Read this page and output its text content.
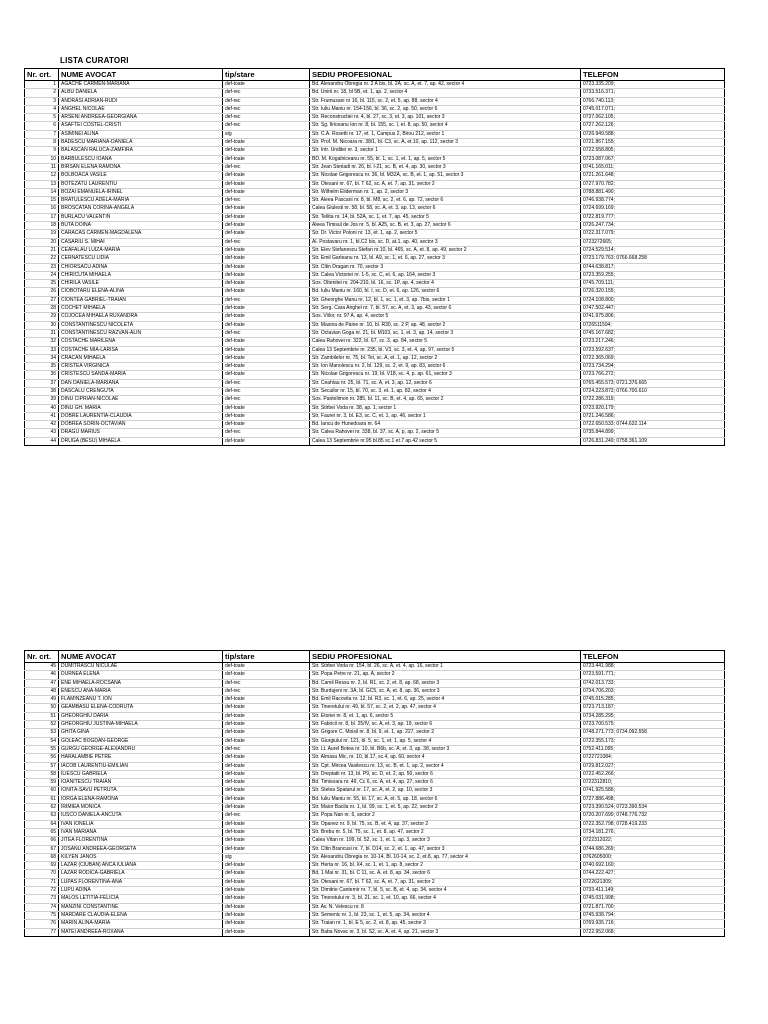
LISTA CURATORI
Nr. crt.	NUME AVOCAT	tip/stare	SEDIU PROFESIONAL	TELEFON
1	AGACHE CARMEN-MARIANA	def-toate	Bd. Alexandru Obregia nr. 2 A bis, bl. 2A, sc. A, et. 7, ap. 42, sector 4	0723.335.209;
2	ALBU DANIELA	def-rec	Bd. Unirii nr. 18, bl 5B, et. 1, ap. 2, sector 4	0733.516.371;
3	ANDRASI ADRIAN-RUDI	def-rec	Str. Frumusani nr 16, bl. 115, sc. 2, et. 5, ap. 88, sector 4	0766.740.113;
4	ANGHEL NICOLAE	def-rec	Str. Iuliu Maniu nr. 154-156, bl. 36, sc. 2, ap. 50, sector 6	0745.017.071;
5	ARSENI ANDREEA-GEORGIANA	def-rec	Str. Reconstructiei nr. 4, bl. 27, sc. 3, et. 3, ap. 101, sector 3	0737.062.105;
6	ASAFTEI COSTEL-CRISTI	def-rec	Str. Sg. Ilriceanu Ion nr. 8, bl. 155, sc. I, et. 8, ap. 50, sector 4	0727.262.126;
7	ASIMINEI ALINA	stg	Str. C.A. Rosetti nr. 17, et. 1, Campus 2, Birou 212, sector 1	0726.949.588;
8	BADESCU MARIANA-DANIELA	def-toate	Str. Prof. M. Nicoara nr. 38/1, bl. C3, sc. A, et.10, ap. 112, sector 3	0721.867.155;
9	BALASCAN RALUCA-ZAMFIRA	def-toate	Str. Intr. Unditei nr. 3, sector 1	0722.558.805;
10	BARBULESCU IOANA	def-toate	BD. M. Kogalniceanu nr. 55, bl. 1, sc. 1, et. 1, ap. 5, sector 5	0723.087.067;
11	BIRSAN ELENA RAMONA	def-rec	Str. Jean Steriadi nr. 26, bl. I-21, sc. B, et. 4, ap. 30, sector 3	0741.165.011;
12	BOLBOACA VASILE	def-toate	Str. Nicolae Grigorescu nr. 36, bl. M32A, sc. B, et. 1, ap. 51, sector 3	0721.261.648;
13	BOTEZATU LAURENTIU	def-toate	Str. Otesani nr. 67, bl. T 62, sc. A, et. 7, ap. 31, sector 2	0727.970.782;
14	BOZAI EMANUELA-IRINEL	def-toate	Str. Wilhelm Eliderman nr. 1, ap. 2, sector 3	0788.881.490;
15	BRATULESCU ADELA-MARIA	def-rec	Str. Aleea Pascani nr. 8, bl. M8, sc. 2, et. 6, ap. 72, sector 6	0746.938.774;
16	BROSCATAN CORINA-ANGELA	def-toate	Calea Giulesti nr. 58, bl. 58, sc. A, et. 3, ap. 13, sector 6	0724.699.169;
17	BURLACU VALENTIN	def-toate	Str. Teilita nr. 14, bl. 52A, sc. 1, et. 7, ap. 45, sector 5	0722.819.777;
18	BUTA DOINA	def-toate	Aleea Timisul de Jos nr. 5, bl. A25, sc. B, et. 3, ap. 27, sector 6	0726.247.734;
19	CARACAS CARMEN-MAGDALENA	def-toate	Str. Dr. Victor Poloni nr. 13, et. 1, ap. 2, sector 5	0722.317.079;
20	CASARIU S. MIHAI	def-rec	Al. Postavaru nr. 1, bl.C2 bis, sc. D, at.1, ap. 40, sector 3	0723272665;
21	CEAFALAU LUIZA-MARIA	def-toate	Str. Elev Stefanescu Stefan nr.10, bl. 465, sc. A, et. 8, ap. 49, sector 2	0724.529.514;
22	CERNATESCU LIDIA	def-toate	Str. Emil Garleanu nr. 13, bl. A9, sc. 1, et. 6, ap. 27, sector 3	0723.179.763; 0766.668.258
23	CHIORSACU ADINA	def-toate	Str. Cltin Dragan nr. 70, sector 3	0744.638.817;
24	CHIRICUTA MIHAELA	def-toate	Str. Calea Victoriei nr. 1-5, sc. C, et. 6, ap. 164, sector 3	0723.359.255;
25	CHIRILA VASILE	def-toate	Sos. Oltenitei nr. 204-210, bl. 16, sc. 1P, ap. 4, sector 4	0745.709.111;
26	CIOBOTARU ELENA-ALINA	def-toate	Bd. Iuliu Maniu nr. 160, bl. I, sc. D, et. 6, ap. 126, sector 6	0726.320.155;
27	CIONTEA GABRIEL-TRAIAN	def-rec	Str. Gheorghe Manu nr. 12, bl. 1, sc. 1, et. 3, ap. 7bis, sector 1	0724.108.800;
28	COCHET MIHAELA	def-toate	Str. Serg. Cara Anghel nr. 7, bl. 57, sc. A, et. 3, ap. 43, sector 6	0747.502.447;
29	COJOCEA MIHAELA RUXANDRA	def-toate	Sos. Viilor, nr. 97 A, ap. 4, sector 5	0741.975.806;
30	CONSTANTINESCU NICOLETA	def-toate	Str. Masina de Paine nr. 10, bl. R30, sc. 2 P, ap. 48, sector 2	0726511594;
31	CONSTANTINESCU RAZVAN-ALIN	def-rec	Str. Octavian Goga nr. 21, bl. M103, sc. 1, et. 3, ap. 14, sector 3	0745.167.682;
32	COSTACHE MARILENA	def-toate	Calea Rahovei nr. 322, bl. 67, sc. 3, ap. 84, sector 5	0723.217.246;
33	COSTACHE MIA-LARISA	def-toate	Calea 13 Septembrie nr. 235, bl. V3, sc. 3, et. 4, ap. 97, sector 5	0723.592.637;
34	CRACAN MIHAELA	def-toate	Str. Zambilelor nr. 75, bl. Tei, sc. A, et. 1, ap. 12, sector 2	0722.365.069;
35	CRISTEA VIRGINICA	def-toate	Str. Ion Manolescu nr. 2, bl. 129, sc. 2, et. 9, ap. 83, sector 6	0723.734.294;
36	CRISTESCU SANDA-MARIA	def-toate	Str. Nicolae Grigorescu nr. 19, bl. V18, sc. 4, p. ap. 61, sector 3	0723.766.272;
37	DAN DANIELA-MARIANA	def-rec	Str. Ceahlau nr. 25, bl. 71, sc. A, et. 3, ap. 12, sector 6	0765.455.573; 0721.376.665
38	DASCALU CRENGUTA	def-rec	Str. Secuilor nr. 15, bl. 70, sc. 3, et. 1, ap. 82, sector 4	0724.223.873; 0766.700.610
39	DINU CIPRIAN-NICOLAE	def-rec	Sos. Pantelimon nr. 285, bl. 11, sc. B, et. 4, ap. 65, sector 2	0722.286.319;
40	DINU GH. MARIA	def-toate	Str. Stirbei Voda nr. 38, ap. 1, sector 1	0723.920.179;
41	DOBRE LAURENTIA-CLAUDIA	def-toate	Str. Faurei nr. 3, bl. E3, sc. C, et. 1, ap. 46, sector 1	0721.246.586;
42	DOBREA SORIN-OCTAVIAN	def-toate	Bd. Iancu de Hunedoara nr. 64	0722.650.533; 0744.632.114
43	DRAGU MARIUS	def-rec	Str. Calea Rahovei nr. 338, bl. 37, sc. A, p, ap. 2, sector 5	0735.844.899;
44	DRUGA (BESU) MIHAELA	def-toate	Calea 13 Septembrie nr.95 bl.85 sc.1 et.7 ap.42 sector 5	0726.831.249; 0758.361.109
Nr. crt.	NUME AVOCAT	tip/stare	SEDIU PROFESIONAL	TELEFON
45	DUMITRASCU NICULAE	def-toate	Str. Stirbei Voda nr. 154, bl. 26, sc. A, et. 4, ap. 16, sector 1	0723.441.988;
46	DURNEA ELENA	def-toate	Str. Popa Petre nr. 21, ap. A, sector 2	0723.591.771;
47	ENE MIHAELA-ROCSANA	def-rec	Bd. Camil Ressu nr. 2, bl. R1, sc. 2, et. 8, ap. 68, sector 3	0742.013.733;
48	ENESCU ANA-MARIA	def-rec	Str. Burdujeni nr. 3A, bl. GC5, sc. A, et. 8, ap. 36, sector 3	0734.706.203;
49	FLAMINZEANU T. ION	def-toate	Bd. Emil Racovita nr. 12, bl. R3, sc. 1, et. 6, ap. 25, sector 4	0745.015.285;
50	GEAMBASU ELENA-CODRUTA	def-toate	Str. Tineretului nr. 49, bl. 57, sc. 2, et. 2, ap. 47, sector 4	0723.713.187;
51	GHEORGHIU DARIA	def-toate	Str. Etoriei nr. 8, et. 1, ap. 6, sector 5	0734.285.295;
52	GHEORGHIU JUSTINA-MIHAELA	def-toate	Str. Fabricii nr. 8, bl. 25/IV, sc. A, et. 3, ap. 19, sector 6	0723.700.575;
53	GHITA GINA	def-toate	Str. Grigore C. Moisil nr. 8, bl. 9, et. 1, ap. 227, sector 2	0748.271.773; 0734.092.558
54	GOLEAC BOGDAN-GEORGE	def-toate	Str. Giurgiului nr. 121, bl. 5, sc. 1, et. 1, ap. 5, sector 4	0722.355.173;
55	GURGU GEORGE-ALEXANDRU	def-rec	Str. Lt. Aurel Botea nr. 10, bl. B6b, sc. A, et. 3, ap. 38, sector 3	0752.411.095;
56	HARALAMBIE PETRE	def-toate	Str. Almasu Mic, nr. 10, bl.17, sc.4, ap. 60, sector 4	0722721084;
57	IACOB LAURENTIU-EMILIAN	def-toate	Str. Cpt. Mircea Vasilescu nr. 13, sc. B, et. 1, ap. 2, sector 4	0729.812.027;
58	ILIESCU GABRIELA	def-toate	Str. Dreptatii nr. 13, bl. P9, sc. D, et. 2, ap. 50, sector 6	0722.452.266;
59	IOANITESCU TRAIAN	def-toate	Bd. Timisoara nr. 49, Cc 6, sc. A, et. 4, ap. 27, sector 6	0722312810;
60	IONITA-SAVU PETRUTA	def-toate	Str. Stelea Spatarul nr. 17, sc. A, et. 2, ap. 10, sector 3	0741.925.586;
61	IORGA ELENA-RAMONA	def-toate	Bd. Iuliu Maniu nr. 55, bl. 17, sc. A, et. 5, ap. 18, sector 6	0727.886.498;
62	IRIMIEA MONICA	def-toate	Str. Maior Bacila nr. 1, bl. 99, sc. 1, et. 5, ap. 22, sector 2	0723.390.524; 0723.390.534
63	IUSCO DANIELA-ANCUTA	def-rec	Str. Popa Nan nr. 6, sector 2	0720.207.690; 0748.776.732
64	IVAN IONELIA	def-toate	Str. Opanez nr. 9, bl. 75, sc. B, et. 4, ap. 37, sector 2	0722.352.798; 0728.419.233
65	IVAN MARIANA	def-toate	Str. Brebu nr. 5, bl. T5, sc. 1, et. 8, ap. 47, sector 2	0734.181.276;
66	JITEA FLORENTINA	def-toate	Calea Vitan nr. 199, bl. 52, sc. 1, et. 1, ap. 3, sector 3	0722312022;
67	JOSANU ANDREEA-GEORGETA	def-toate	Str. Cltin Brancusi nr. 7, bl. D14, sc. 2, et. 1, ap. 47, sector 3	0744.686.269;
68	KILYEN JANOS	stg	Str. Alexandru Obregia nr. 10-14, Bl. 10-14, sc. 2, et.8, ap. 77, sector 4	0762605000;
69	LAZAR (CIUBAN) ANCA IULIANA	def-toate	Str. Herta nr. 16, bl. X4, sc. 1, et. 1, ap. 8, sector 2	0740.692.160;
70	LAZAR RODICA-GABRIELA	def-toate	Bd. 1 Mai nr. 31, bl. C 11, sc. A, et. 8, ap. 34, sector 6	0744.222.427;
71	LUPAS FLORENTINA-ANA	def-toate	Str. Otesani nr. 67, bl. T 62, sc. A, et. 7, ap. 31, sector 2	0722621309;
72	LUPU ADINA	def-toate	Str. Dimitrie Cantemir nr. 7, bl. 5, sc. B, et. 4, ap. 34, sector 4	0733.411.149;
73	MALOS LETITIA-FELICIA	def-toate	Str. Tineretului nr. 3, bl. 21, sc. 1, et. 10, ap. 66, sector 4	0745.031.998;
74	MANZINI CONSTANTINE	def-toate	Str. Av. N. Velescu nr. 8	0721.871.700;
75	MARDARE CLAUDIA-ELENA	def-toate	Str. Semenic nr. 1, bl. 23, sc. 1, et. 5, ap. 34, sector 4	0745.938.794;
76	MARIN ALINA-MARIA	def-toate	Str. Traian nr. 1, bl. E 5, sc. 2, et. 8, ap. 45, sector 3	0769.935.716;
77	MATEI ANDREEA-ROXANA	def-toate	Str. Baba Novac nr. 3, bl. S2, sc. A, et. 4, ap. 21, sector 3	0722.952.068;
